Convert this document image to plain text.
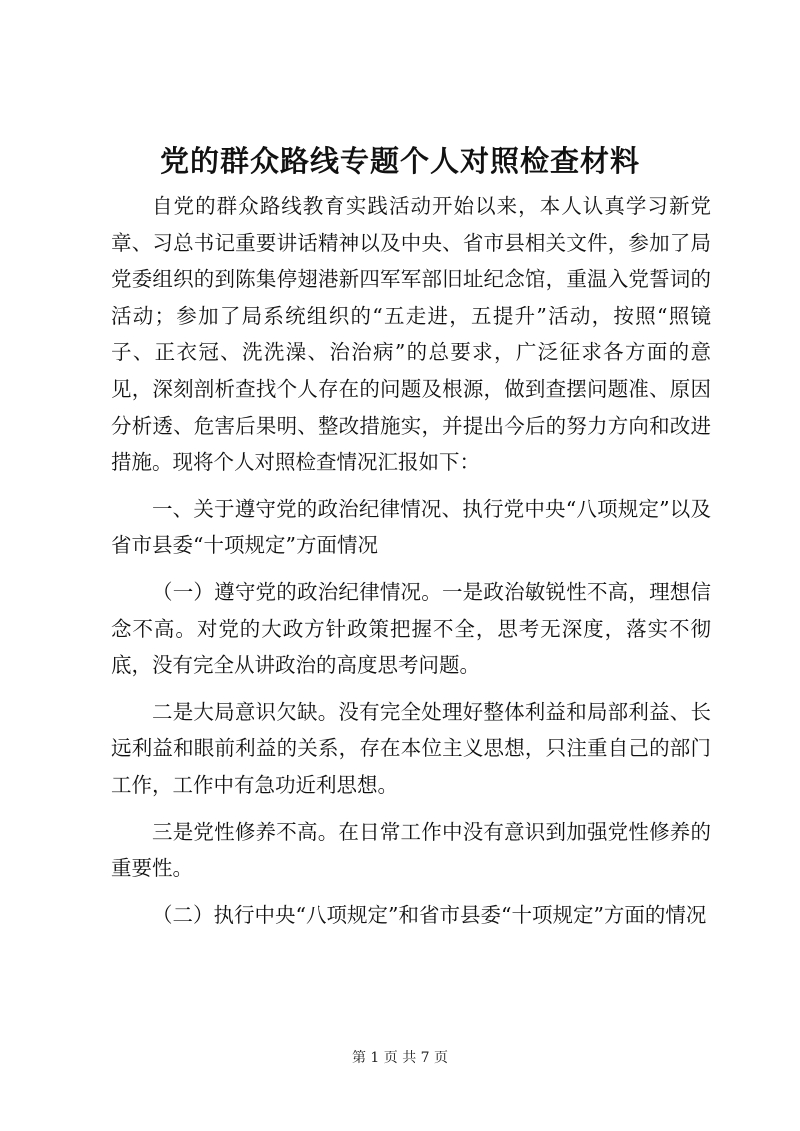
党的群众路线专题个人对照检查材料

自党的群众路线教育实践活动开始以来，本人认真学习新党章、习总书记重要讲话精神以及中央、省市县相关文件，参加了局党委组织的到陈集停翅港新四军军部旧址纪念馆，重温入党誓词的活动；参加了局系统组织的“五走进，五提升”活动，按照“照镜子、正衣冠、洗洗澡、治治病”的总要求，广泛征求各方面的意见，深刻剖析查找个人存在的问题及根源，做到查摆问题准、原因分析透、危害后果明、整改措施实，并提出今后的努力方向和改进措施。现将个人对照检查情况汇报如下：

一、关于遵守党的政治纪律情况、执行党中央“八项规定”以及省市县委“十项规定”方面情况

（一）遵守党的政治纪律情况。一是政治敏锐性不高，理想信念不高。对党的大政方针政策把握不全，思考无深度，落实不彻底，没有完全从讲政治的高度思考问题。

二是大局意识欠缺。没有完全处理好整体利益和局部利益、长远利益和眼前利益的关系，存在本位主义思想，只注重自己的部门工作，工作中有急功近利思想。

三是党性修养不高。在日常工作中没有意识到加强党性修养的重要性。

（二）执行中央“八项规定”和省市县委“十项规定”方面的情况

第 1 页 共 7 页
